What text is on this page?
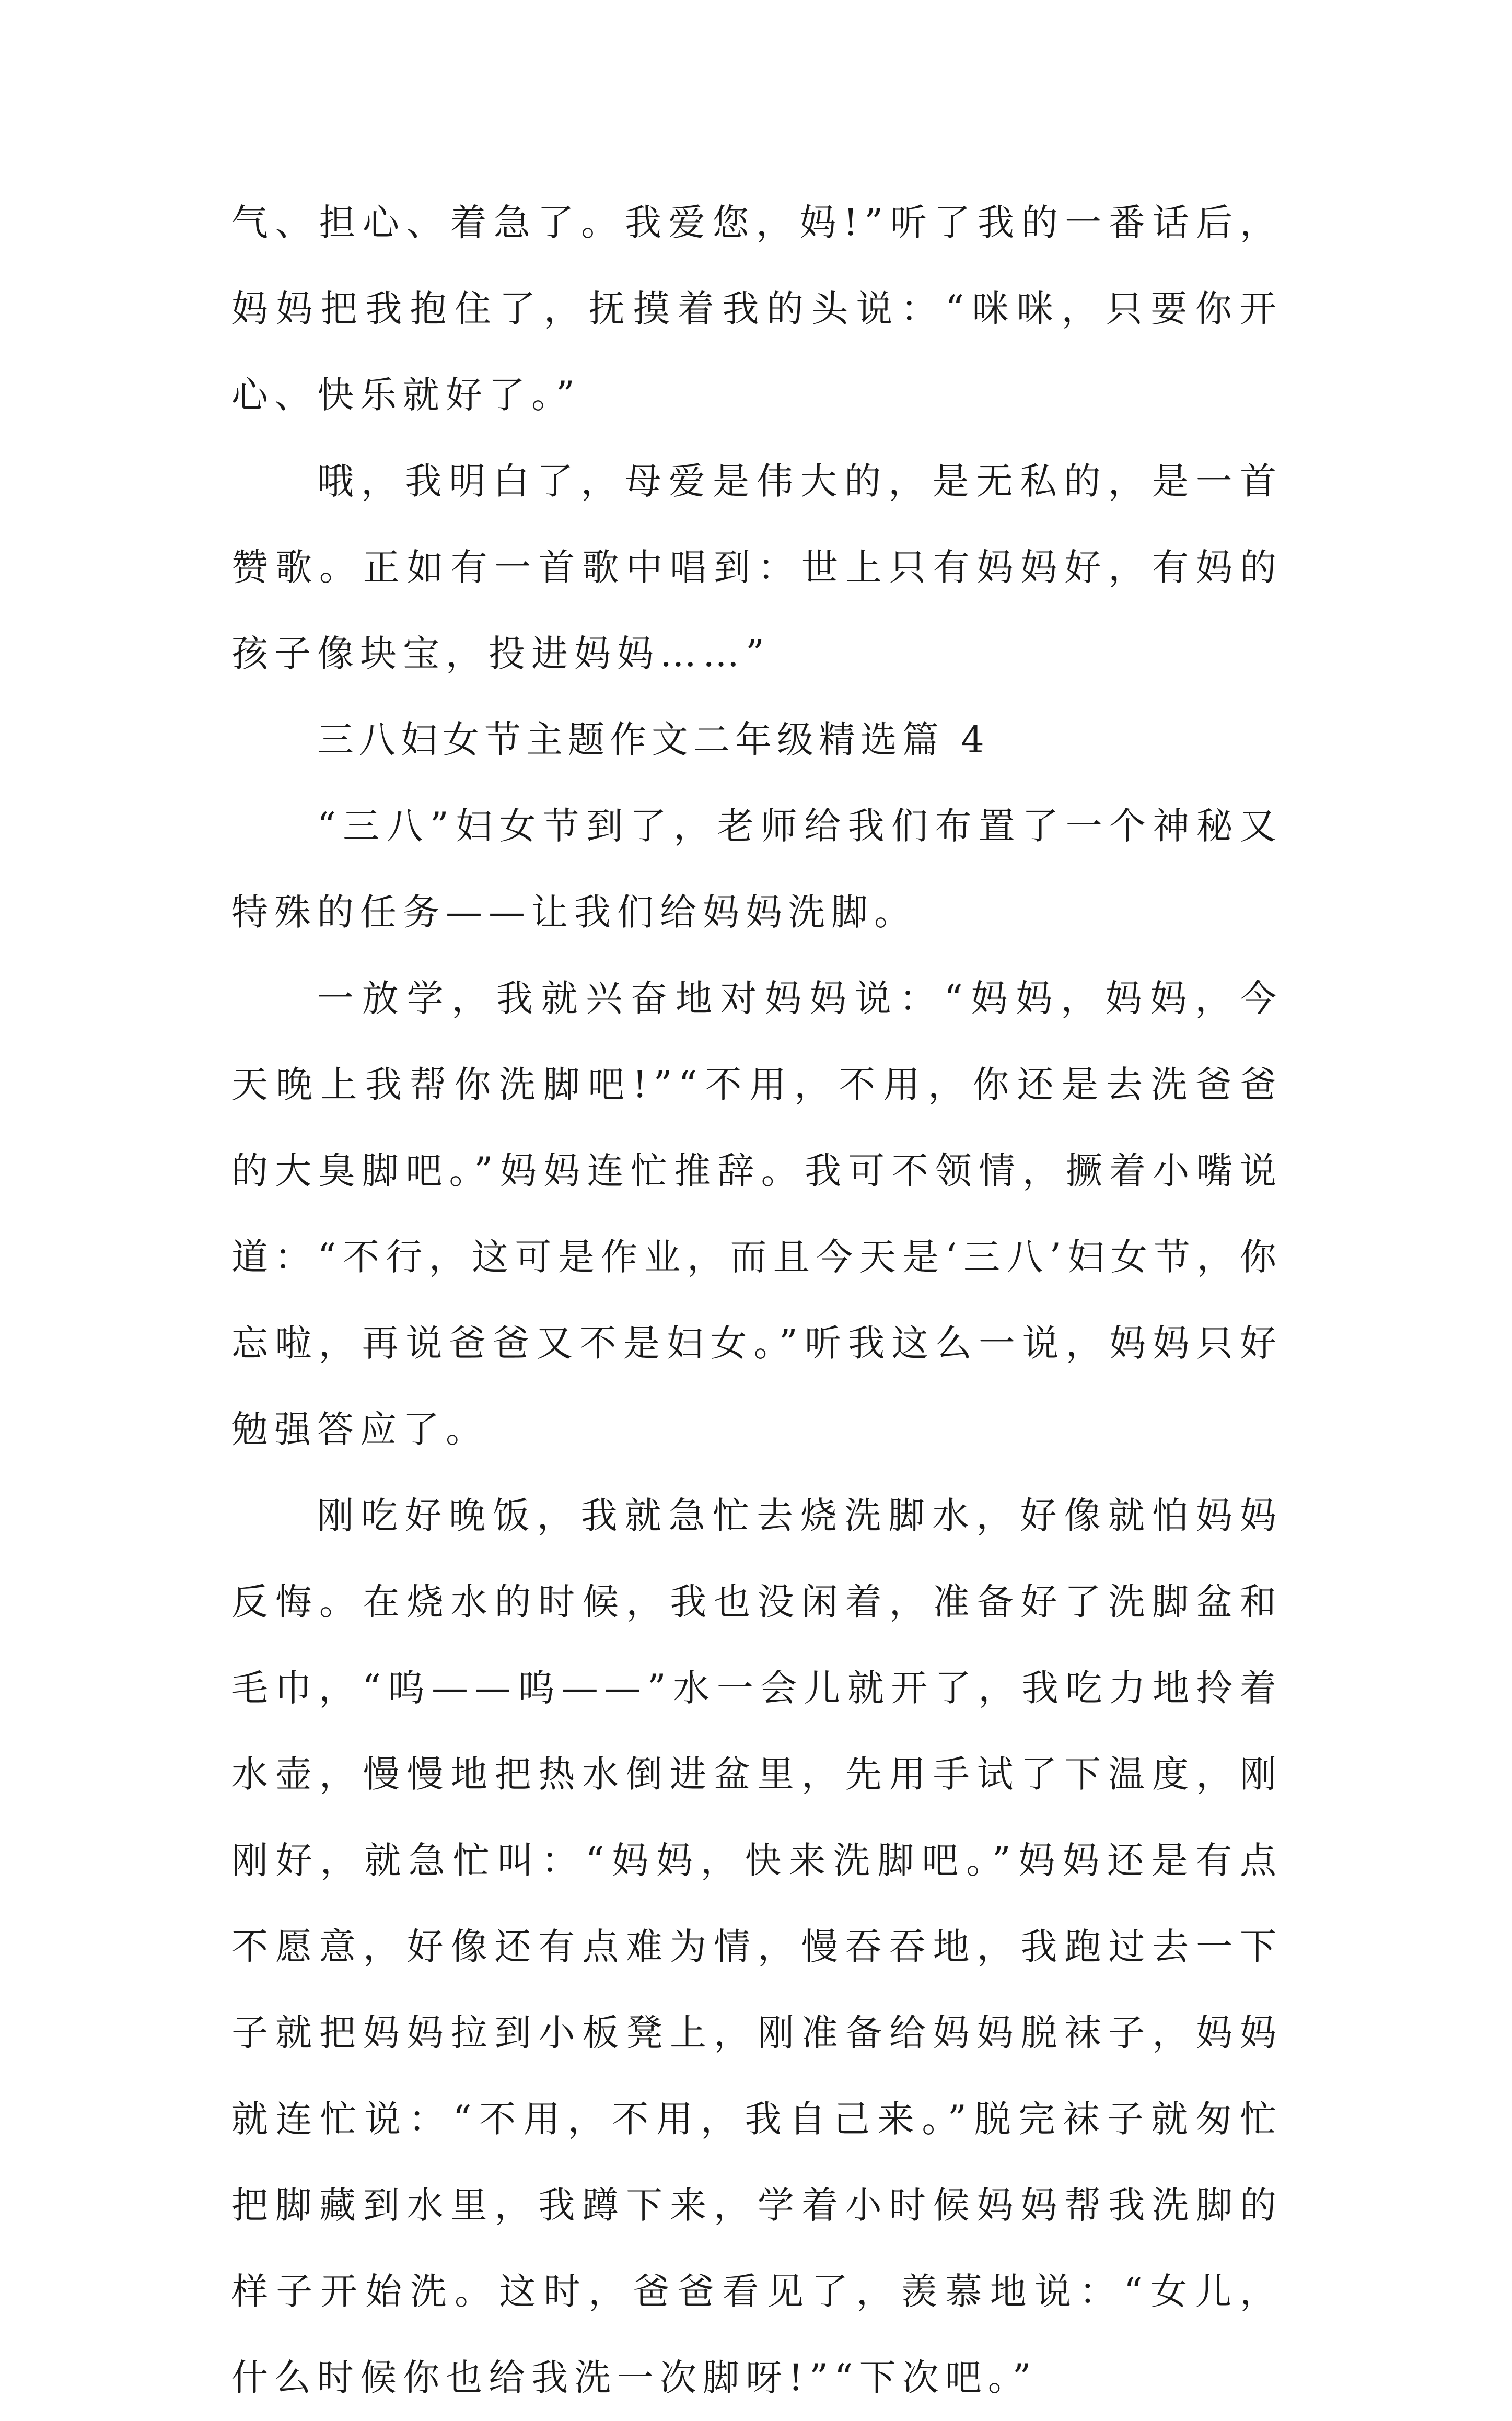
气、担心、着急了。我爱您，妈!”听了我的一番话后，妈妈把我抱住了，抚摸着我的头说：“咪咪，只要你开心、快乐就好了。”

哦，我明白了，母爱是伟大的，是无私的，是一首赞歌。正如有一首歌中唱到：世上只有妈妈好，有妈的孩子像块宝，投进妈妈……”

三八妇女节主题作文二年级精选篇 4

“三八”妇女节到了，老师给我们布置了一个神秘又特殊的任务——让我们给妈妈洗脚。

一放学，我就兴奋地对妈妈说：“妈妈，妈妈，今天晚上我帮你洗脚吧!”“不用，不用，你还是去洗爸爸的大臭脚吧。”妈妈连忙推辞。我可不领情，撅着小嘴说道：“不行，这可是作业，而且今天是‘三八’妇女节，你忘啦，再说爸爸又不是妇女。”听我这么一说，妈妈只好勉强答应了。

刚吃好晚饭，我就急忙去烧洗脚水，好像就怕妈妈反悔。在烧水的时候，我也没闲着，准备好了洗脚盆和毛巾，“呜——呜——”水一会儿就开了，我吃力地拎着水壶，慢慢地把热水倒进盆里，先用手试了下温度，刚刚好，就急忙叫：“妈妈，快来洗脚吧。”妈妈还是有点不愿意，好像还有点难为情，慢吞吞地，我跑过去一下子就把妈妈拉到小板凳上，刚准备给妈妈脱袜子，妈妈就连忙说：“不用，不用，我自己来。”脱完袜子就匆忙把脚藏到水里，我蹲下来，学着小时候妈妈帮我洗脚的样子开始洗。这时，爸爸看见了，羡慕地说：“女儿，什么时候你也给我洗一次脚呀!”“下次吧。”
